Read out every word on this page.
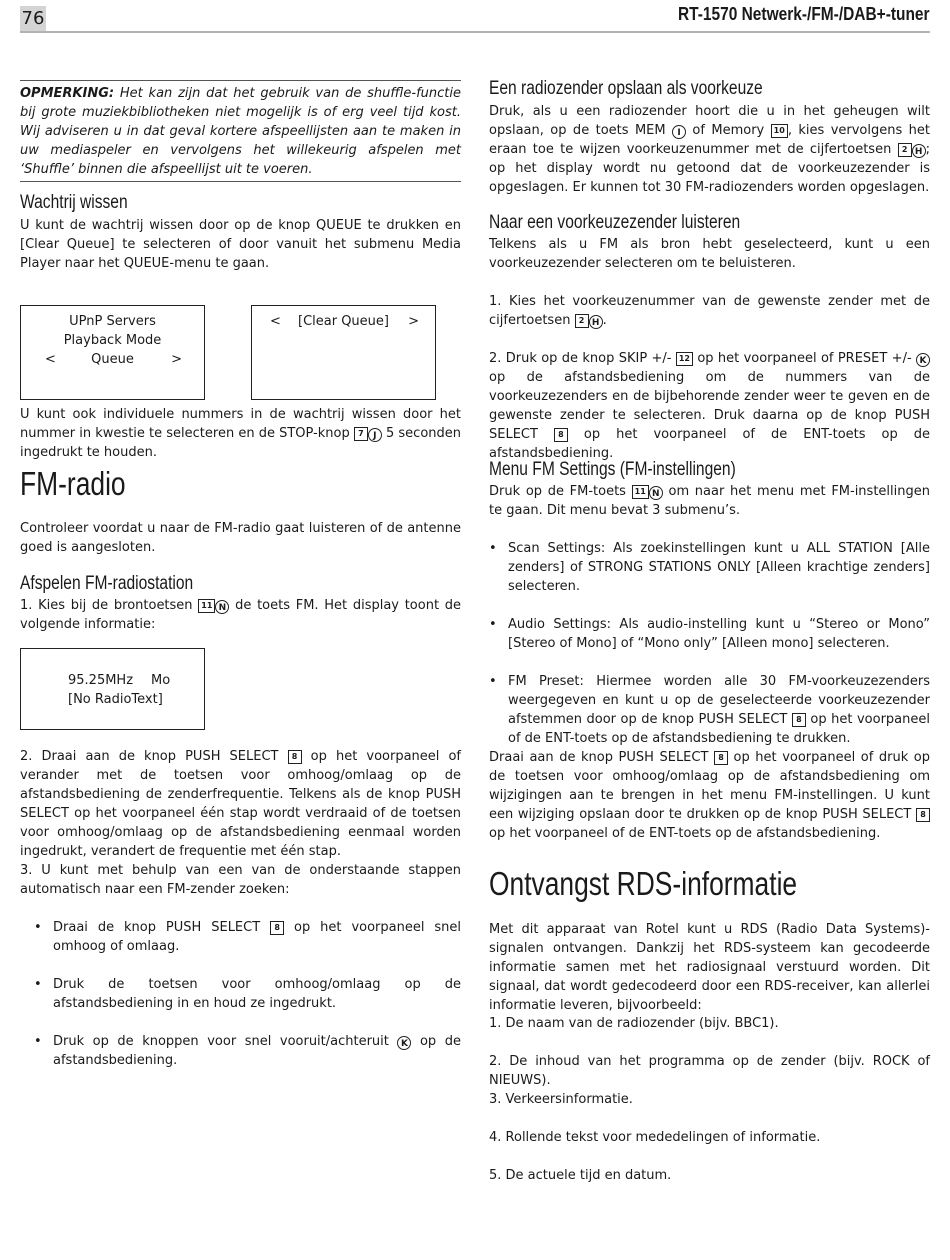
76	RT-1570 Netwerk-/FM-/DAB+-tuner
OPMERKING: Het kan zijn dat het gebruik van de shuffle-functie bij grote muziekbibliotheken niet mogelijk is of erg veel tijd kost. Wij adviseren u in dat geval kortere afspeellijsten aan te maken in uw mediaspeler en vervolgens het willekeurig afspelen met ‘Shuffle’ binnen die afspeellijst uit te voeren.
Wachtrij wissen

U kunt de wachtrij wissen door op de knop QUEUE te drukken en [Clear Queue] te selecteren of door vanuit het submenu Media Player naar het QUEUE-menu te gaan.

UPnP Servers
Playback Mode
<	Queue	>
<	[Clear Queue]	>

U kunt ook individuele nummers in de wachtrij wissen door het nummer in kwestie te selecteren en de STOP-knop 7 J 5 seconden ingedrukt te houden.

FM-radio

Controleer voordat u naar de FM-radio gaat luisteren of de antenne goed is aangesloten.

Afspelen FM-radiostation

1. Kies bij de brontoetsen 11 N de toets FM. Het display toont de volgende informatie:

95.25MHz Mo
[No RadioText]

2. Draai aan de knop PUSH SELECT 8 op het voorpaneel of verander met de toetsen voor omhoog/omlaag op de afstandsbediening de zenderfrequentie. Telkens als de knop PUSH SELECT op het voorpaneel één stap wordt verdraaid of de toetsen voor omhoog/omlaag op de afstandsbediening eenmaal worden ingedrukt, verandert de frequentie met één stap.

3. U kunt met behulp van een van de onderstaande stappen automatisch naar een FM-zender zoeken:

• Draai de knop PUSH SELECT 8 op het voorpaneel snel omhoog of omlaag.
• Druk de toetsen voor omhoog/omlaag op de afstandsbediening in en houd ze ingedrukt.
• Druk op de knoppen voor snel vooruit/achteruit K op de afstandsbediening.
Een radiozender opslaan als voorkeuze

Druk, als u een radiozender hoort die u in het geheugen wilt opslaan, op de toets MEM I of Memory 10 , kies vervolgens het eraan toe te wijzen voorkeuzenummer met de cijfertoetsen 2 H ; op het display wordt nu getoond dat de voorkeuzezender is opgeslagen. Er kunnen tot 30 FM-radiozenders worden opgeslagen.

Naar een voorkeuzezender luisteren

Telkens als u FM als bron hebt geselecteerd, kunt u een voorkeuzezender selecteren om te beluisteren.

1. Kies het voorkeuzenummer van de gewenste zender met de cijfertoetsen 2 H .

2. Druk op de knop SKIP +/- 12 op het voorpaneel of PRESET +/- K op de afstandsbediening om de nummers van de voorkeuzezenders en de bijbehorende zender weer te geven en de gewenste zender te selecteren. Druk daarna op de knop PUSH SELECT 8 op het voorpaneel of de ENT-toets op de afstandsbediening.

Menu FM Settings (FM-instellingen)

Druk op de FM-toets 11 N om naar het menu met FM-instellingen te gaan. Dit menu bevat 3 submenu’s.

• Scan Settings: Als zoekinstellingen kunt u ALL STATION [Alle zenders] of STRONG STATIONS ONLY [Alleen krachtige zenders] selecteren.
• Audio Settings: Als audio-instelling kunt u “Stereo or Mono” [Stereo of Mono] of “Mono only” [Alleen mono] selecteren.
• FM Preset: Hiermee worden alle 30 FM-voorkeuzezenders weergegeven en kunt u op de geselecteerde voorkeuzezender afstemmen door op de knop PUSH SELECT 8 op het voorpaneel of de ENT-toets op de afstandsbediening te drukken.

Draai aan de knop PUSH SELECT 8 op het voorpaneel of druk op de toetsen voor omhoog/omlaag op de afstandsbediening om wijzigingen aan te brengen in het menu FM-instellingen. U kunt een wijziging opslaan door te drukken op de knop PUSH SELECT 8 op het voorpaneel of de ENT-toets op de afstandsbediening.

Ontvangst RDS-informatie

Met dit apparaat van Rotel kunt u RDS (Radio Data Systems)-signalen ontvangen. Dankzij het RDS-systeem kan gecodeerde informatie samen met het radiosignaal verstuurd worden. Dit signaal, dat wordt gedecodeerd door een RDS-receiver, kan allerlei informatie leveren, bijvoorbeeld:

1. De naam van de radiozender (bijv. BBC1).

2. De inhoud van het programma op de zender (bijv. ROCK of NIEUWS).

3. Verkeersinformatie.

4. Rollende tekst voor mededelingen of informatie.

5. De actuele tijd en datum.
